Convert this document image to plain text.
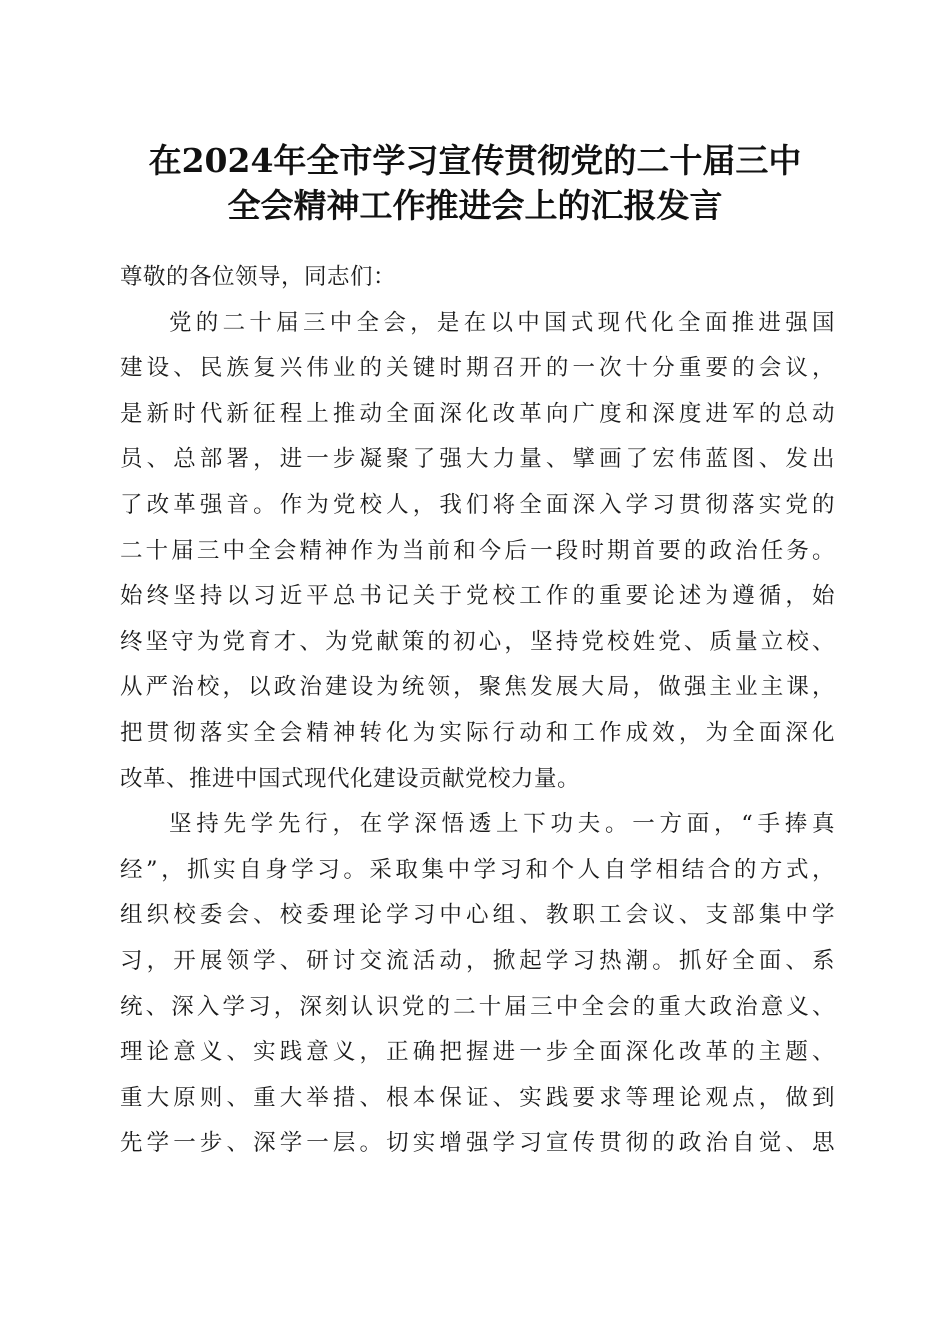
在2024年全市学习宣传贯彻党的二十届三中
全会精神工作推进会上的汇报发言
尊敬的各位领导，同志们：
党的二十届三中全会，是在以中国式现代化全面推进强国
建设、民族复兴伟业的关键时期召开的一次十分重要的会议，
是新时代新征程上推动全面深化改革向广度和深度进军的总动
员、总部署，进一步凝聚了强大力量、擘画了宏伟蓝图、发出
了改革强音。作为党校人，我们将全面深入学习贯彻落实党的
二十届三中全会精神作为当前和今后一段时期首要的政治任务。
始终坚持以习近平总书记关于党校工作的重要论述为遵循，始
终坚守为党育才、为党献策的初心，坚持党校姓党、质量立校、
从严治校，以政治建设为统领，聚焦发展大局，做强主业主课，
把贯彻落实全会精神转化为实际行动和工作成效，为全面深化
改革、推进中国式现代化建设贡献党校力量。
坚持先学先行，在学深悟透上下功夫。一方面，“手捧真
经”，抓实自身学习。采取集中学习和个人自学相结合的方式，
组织校委会、校委理论学习中心组、教职工会议、支部集中学
习，开展领学、研讨交流活动，掀起学习热潮。抓好全面、系
统、深入学习，深刻认识党的二十届三中全会的重大政治意义、
理论意义、实践意义，正确把握进一步全面深化改革的主题、
重大原则、重大举措、根本保证、实践要求等理论观点，做到
先学一步、深学一层。切实增强学习宣传贯彻的政治自觉、思
